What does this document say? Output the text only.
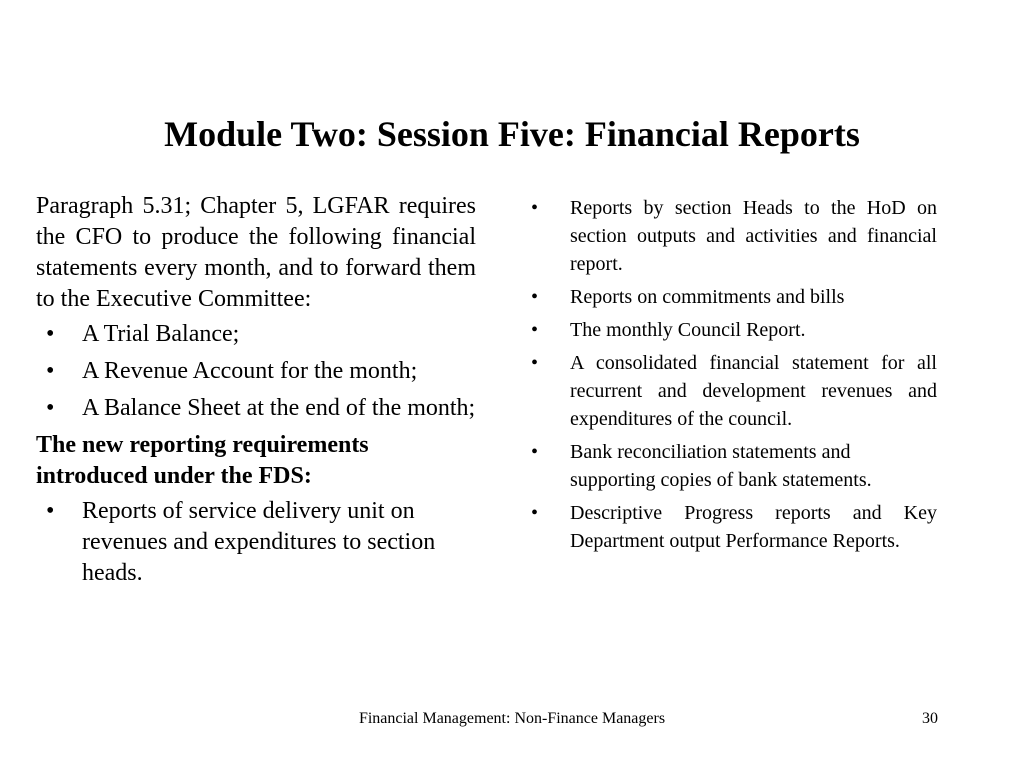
Module Two: Session Five: Financial Reports

Paragraph 5.31; Chapter 5, LGFAR requires the CFO to produce the following financial statements every month, and to forward them to the Executive Committee:

• A Trial Balance;
• A Revenue Account for the month;
• A Balance Sheet at the end of the month;

The new reporting requirements introduced under the FDS:

• Reports of service delivery unit on revenues and expenditures to section heads.
• Reports by section Heads to the HoD on section outputs and activities and financial report.
• Reports on commitments and bills
• The monthly Council Report.
• A consolidated financial statement for all recurrent and development revenues and expenditures of the council.
• Bank reconciliation statements and supporting copies of bank statements.
• Descriptive Progress reports and Key Department output Performance Reports.
Financial Management: Non-Finance Managers	30
